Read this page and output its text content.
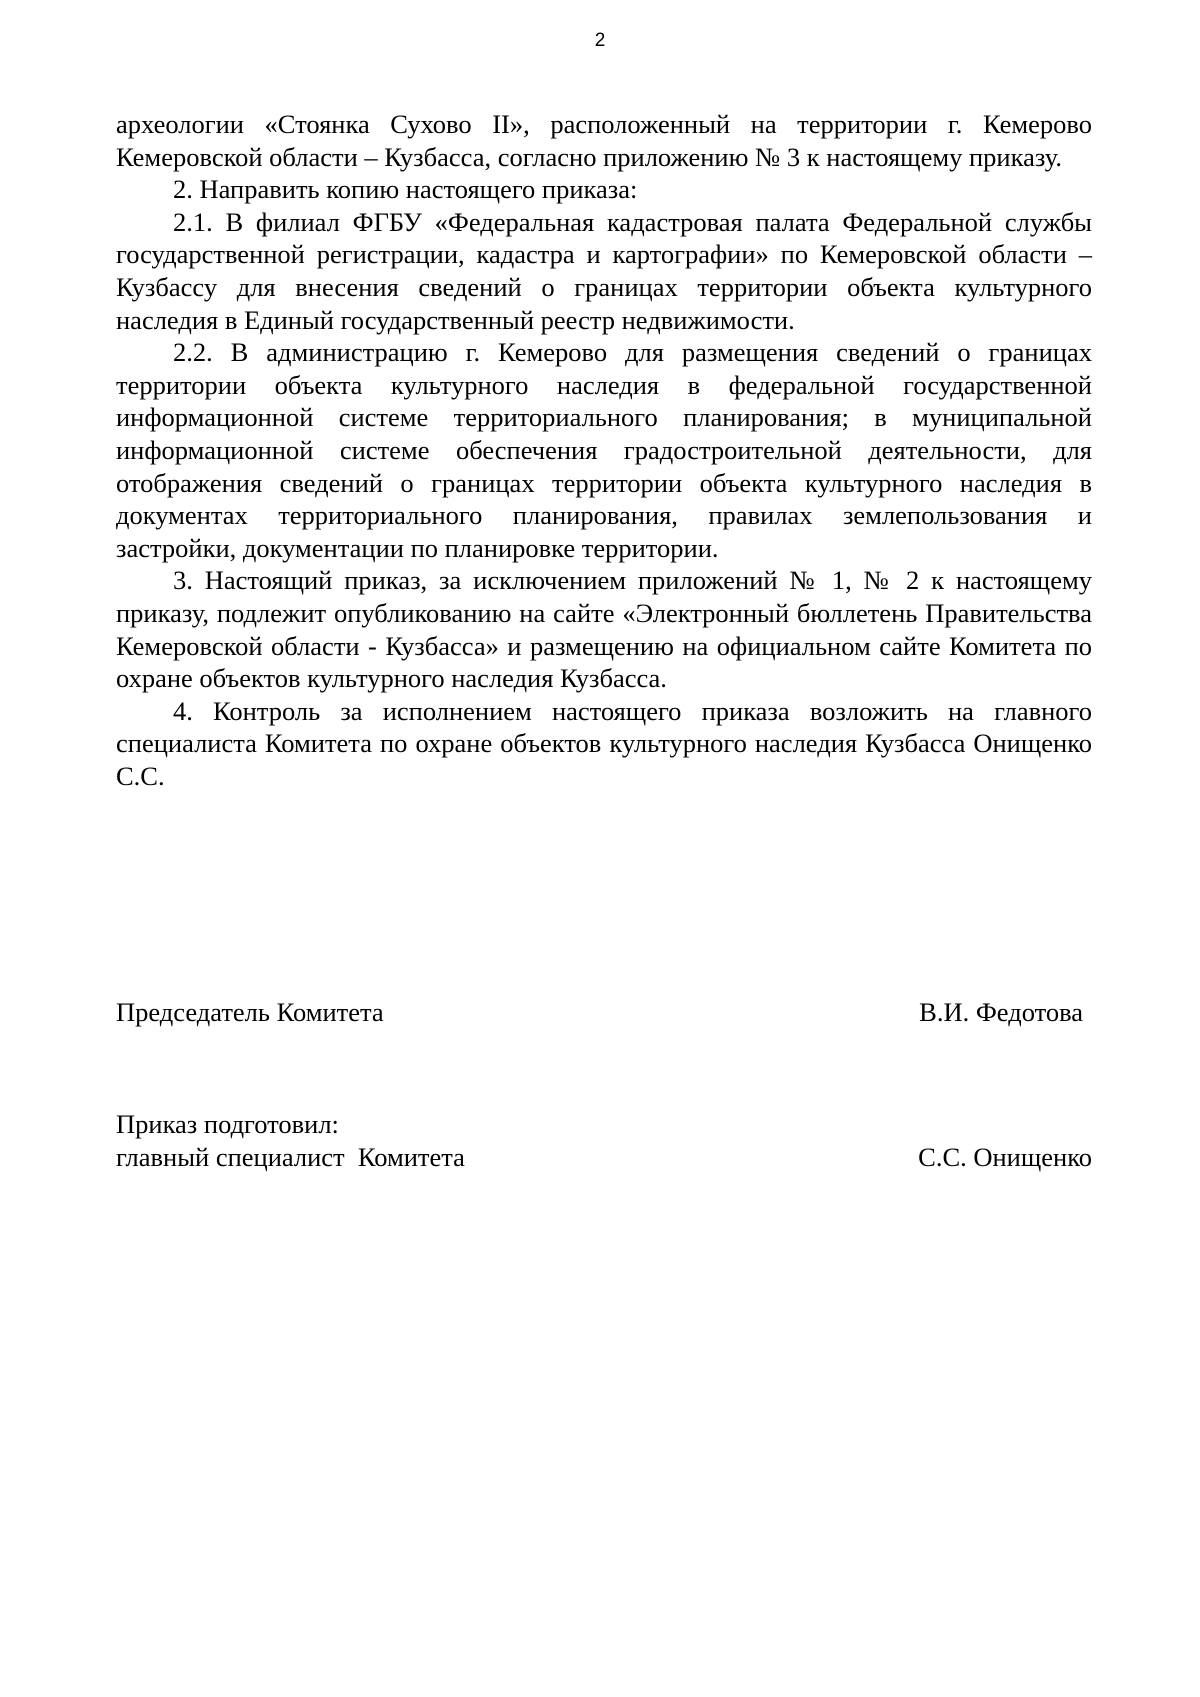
2

археологии «Стоянка Сухово II», расположенный на территории г. Кемерово Кемеровской области – Кузбасса, согласно приложению № 3 к настоящему приказу.

2. Направить копию настоящего приказа:

2.1. В филиал ФГБУ «Федеральная кадастровая палата Федеральной службы государственной регистрации, кадастра и картографии» по Кемеровской области – Кузбассу для внесения сведений о границах территории объекта культурного наследия в Единый государственный реестр недвижимости.

2.2. В администрацию г. Кемерово для размещения сведений о границах территории объекта культурного наследия в федеральной государственной информационной системе территориального планирования; в муниципальной информационной системе обеспечения градостроительной деятельности, для отображения сведений о границах территории объекта культурного наследия в документах территориального планирования, правилах землепользования и застройки, документации по планировке территории.

3. Настоящий приказ, за исключением приложений № 1, № 2 к настоящему приказу, подлежит опубликованию на сайте «Электронный бюллетень Правительства Кемеровской области - Кузбасса» и размещению на официальном сайте Комитета по охране объектов культурного наследия Кузбасса.

4. Контроль за исполнением настоящего приказа возложить на главного специалиста Комитета по охране объектов культурного наследия Кузбасса Онищенко С.С.

Председатель Комитета	В.И. Федотова
Приказ подготовил:
главный специалист  Комитета	С.С. Онищенко
